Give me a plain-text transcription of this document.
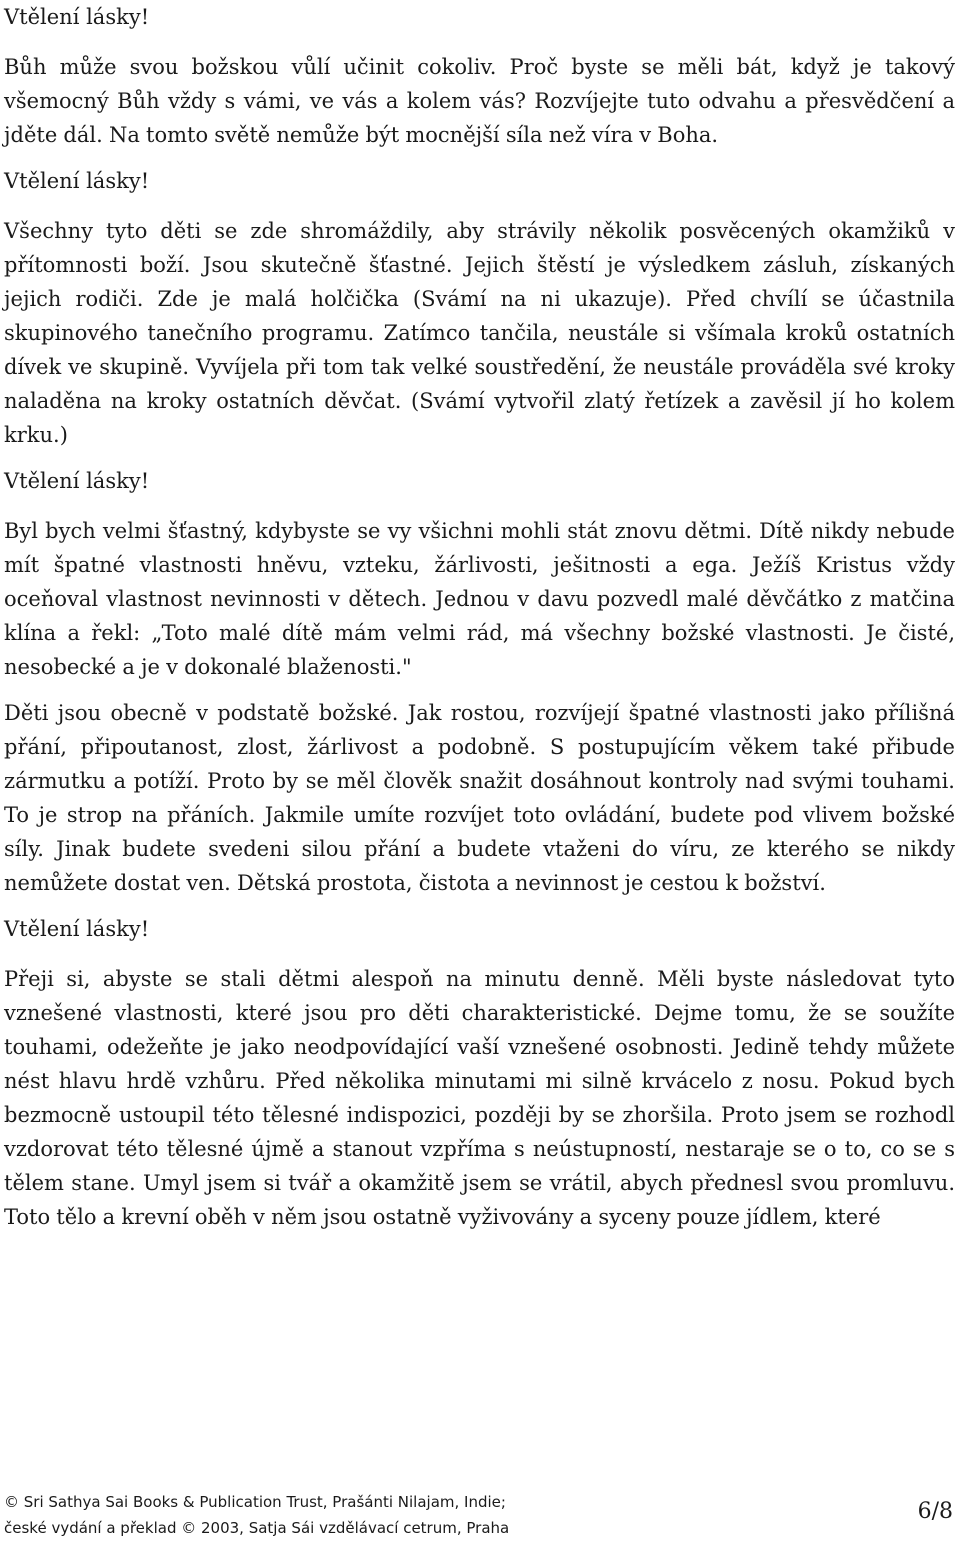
Vtělení lásky!

Bůh může svou božskou vůlí učinit cokoliv. Proč byste se měli bát, když je takový všemocný Bůh vždy s vámi, ve vás a kolem vás? Rozvíjejte tuto odvahu a přesvědčení a jděte dál. Na tomto světě nemůže být mocnější síla než víra v Boha.

Vtělení lásky!

Všechny tyto děti se zde shromáždily, aby strávily několik posvěcených okamžiků v přítomnosti boží. Jsou skutečně šťastné. Jejich štěstí je výsledkem zásluh, získaných jejich rodiči. Zde je malá holčička (Svámí na ni ukazuje). Před chvílí se účastnila skupinového tanečního programu. Zatímco tančila, neustále si všímala kroků ostatních dívek ve skupině. Vyvíjela při tom tak velké soustředění, že neustále prováděla své kroky naladěna na kroky ostatních děvčat. (Svámí vytvořil zlatý řetízek a zavěsil jí ho kolem krku.)

Vtělení lásky!

Byl bych velmi šťastný, kdybyste se vy všichni mohli stát znovu dětmi. Dítě nikdy nebude mít špatné vlastnosti hněvu, vzteku, žárlivosti, ješitnosti a ega. Ježíš Kristus vždy oceňoval vlastnost nevinnosti v dětech. Jednou v davu pozvedl malé děvčátko z matčina klína a řekl: „Toto malé dítě mám velmi rád, má všechny božské vlastnosti. Je čisté, nesobecké a je v dokonalé blaženosti."

Děti jsou obecně v podstatě božské. Jak rostou, rozvíjejí špatné vlastnosti jako přílišná přání, připoutanost, zlost, žárlivost a podobně. S postupujícím věkem také přibude zármutku a potíží. Proto by se měl člověk snažit dosáhnout kontroly nad svými touhami. To je strop na přáních. Jakmile umíte rozvíjet toto ovládání, budete pod vlivem božské síly. Jinak budete svedeni silou přání a budete vtaženi do víru, ze kterého se nikdy nemůžete dostat ven. Dětská prostota, čistota a nevinnost je cestou k božství.

Vtělení lásky!

Přeji si, abyste se stali dětmi alespoň na minutu denně. Měli byste následovat tyto vznešené vlastnosti, které jsou pro děti charakteristické. Dejme tomu, že se soužíte touhami, odežeňte je jako neodpovídající vaší vznešené osobnosti. Jedině tehdy můžete nést hlavu hrdě vzhůru. Před několika minutami mi silně krvácelo z nosu. Pokud bych bezmocně ustoupil této tělesné indispozici, později by se zhoršila. Proto jsem se rozhodl vzdorovat této tělesné újmě a stanout vzpříma s neústupností, nestaraje se o to, co se s tělem stane. Umyl jsem si tvář a okamžitě jsem se vrátil, abych přednesl svou promluvu. Toto tělo a krevní oběh v něm jsou ostatně vyživovány a syceny pouze jídlem, které

© Sri Sathya Sai Books & Publication Trust, Prašánti Nilajam, Indie;
české vydání a překlad © 2003, Satja Sái vzdělávací cetrum, Praha
6/8
